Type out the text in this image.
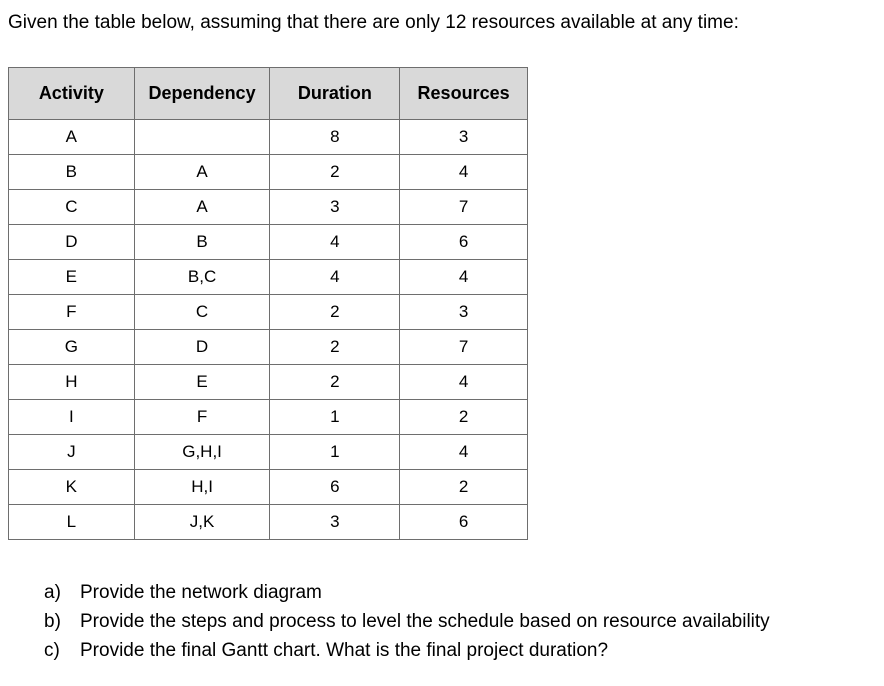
Given the table below, assuming that there are only 12 resources available at any time:
Activity	Dependency	Duration	Resources
A		8	3
B	A	2	4
C	A	3	7
D	B	4	6
E	B,C	4	4
F	C	2	3
G	D	2	7
H	E	2	4
I	F	1	2
J	G,H,I	1	4
K	H,I	6	2
L	J,K	3	6
a)	Provide the network diagram
b)	Provide the steps and process to level the schedule based on resource availability
c)	Provide the final Gantt chart. What is the final project duration?
